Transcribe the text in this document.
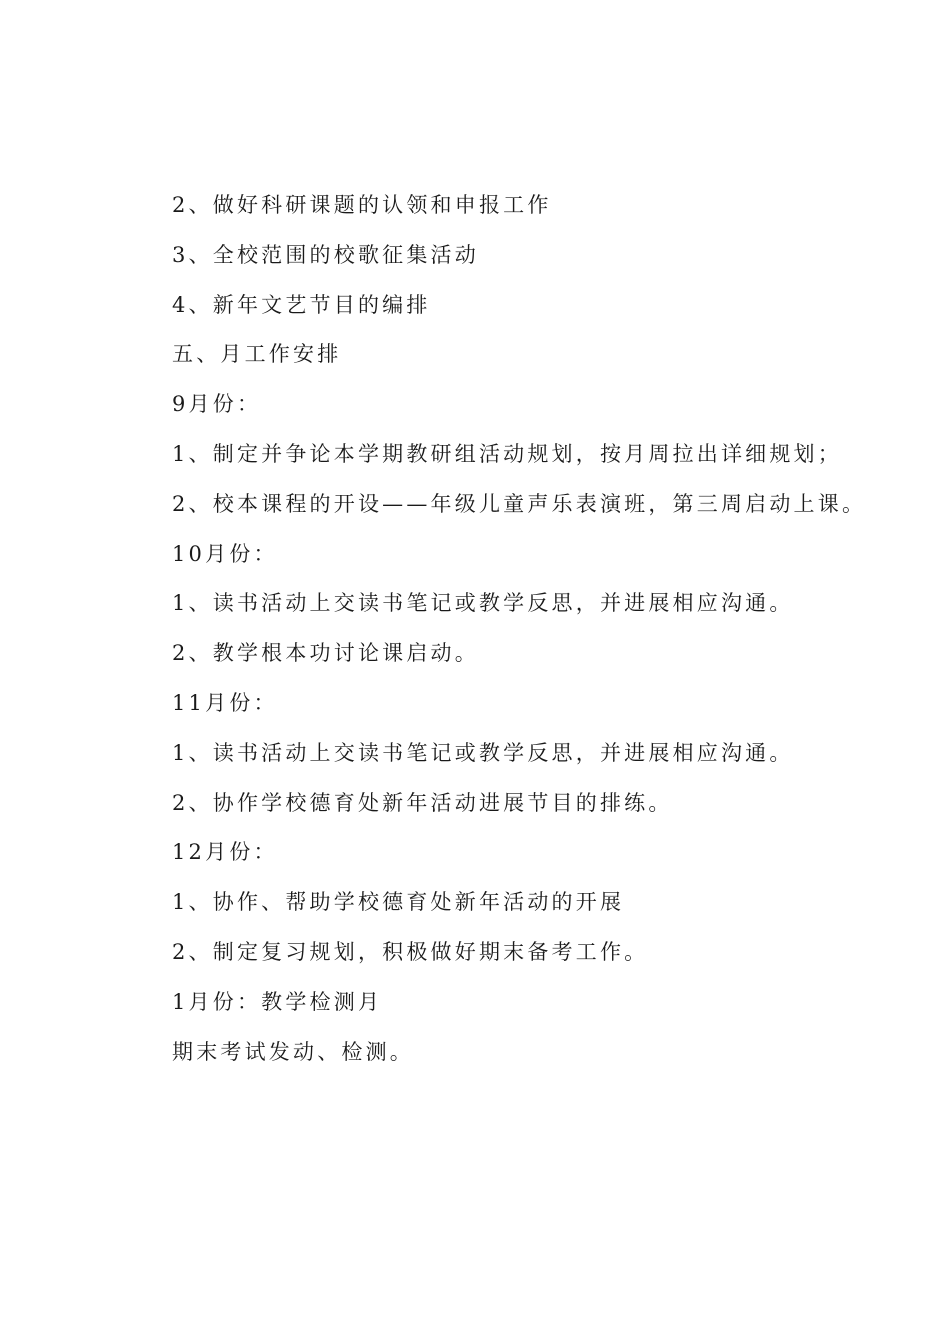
2、做好科研课题的认领和申报工作
3、全校范围的校歌征集活动
4、新年文艺节目的编排
五、月工作安排
9月份：
1、制定并争论本学期教研组活动规划，按月周拉出详细规划；
2、校本课程的开设——年级儿童声乐表演班，第三周启动上课。
10月份：
1、读书活动上交读书笔记或教学反思，并进展相应沟通。
2、教学根本功讨论课启动。
11月份：
1、读书活动上交读书笔记或教学反思，并进展相应沟通。
2、协作学校德育处新年活动进展节目的排练。
12月份：
1、协作、帮助学校德育处新年活动的开展
2、制定复习规划，积极做好期末备考工作。
1月份：教学检测月
期末考试发动、检测。
